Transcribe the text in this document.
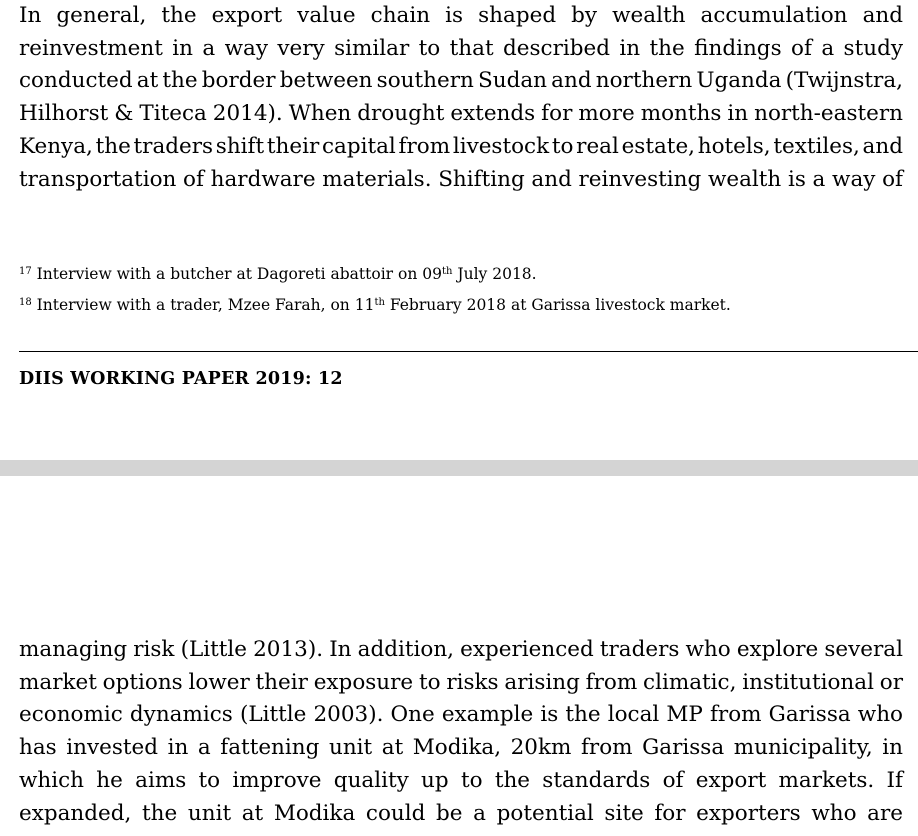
In general, the export value chain is shaped by wealth accumulation and
reinvestment in a way very similar to that described in the findings of a study
conducted at the border between southern Sudan and northern Uganda (Twijnstra,
Hilhorst & Titeca 2014). When drought extends for more months in north-eastern
Kenya, the traders shift their capital from livestock to real estate, hotels, textiles, and
transportation of hardware materials. Shifting and reinvesting wealth is a way of
$^{17}$ Interview with a butcher at Dagoreti abattoir on 09th July 2018.
$^{18}$ Interview with a trader, Mzee Farah, on 11th February 2018 at Garissa livestock market.
DIIS WORKING PAPER 2019: 12
managing risk (Little 2013). In addition, experienced traders who explore several
market options lower their exposure to risks arising from climatic, institutional or
economic dynamics (Little 2003). One example is the local MP from Garissa who
has invested in a fattening unit at Modika, 20km from Garissa municipality, in
which he aims to improve quality up to the standards of export markets. If
expanded, the unit at Modika could be a potential site for exporters who are
